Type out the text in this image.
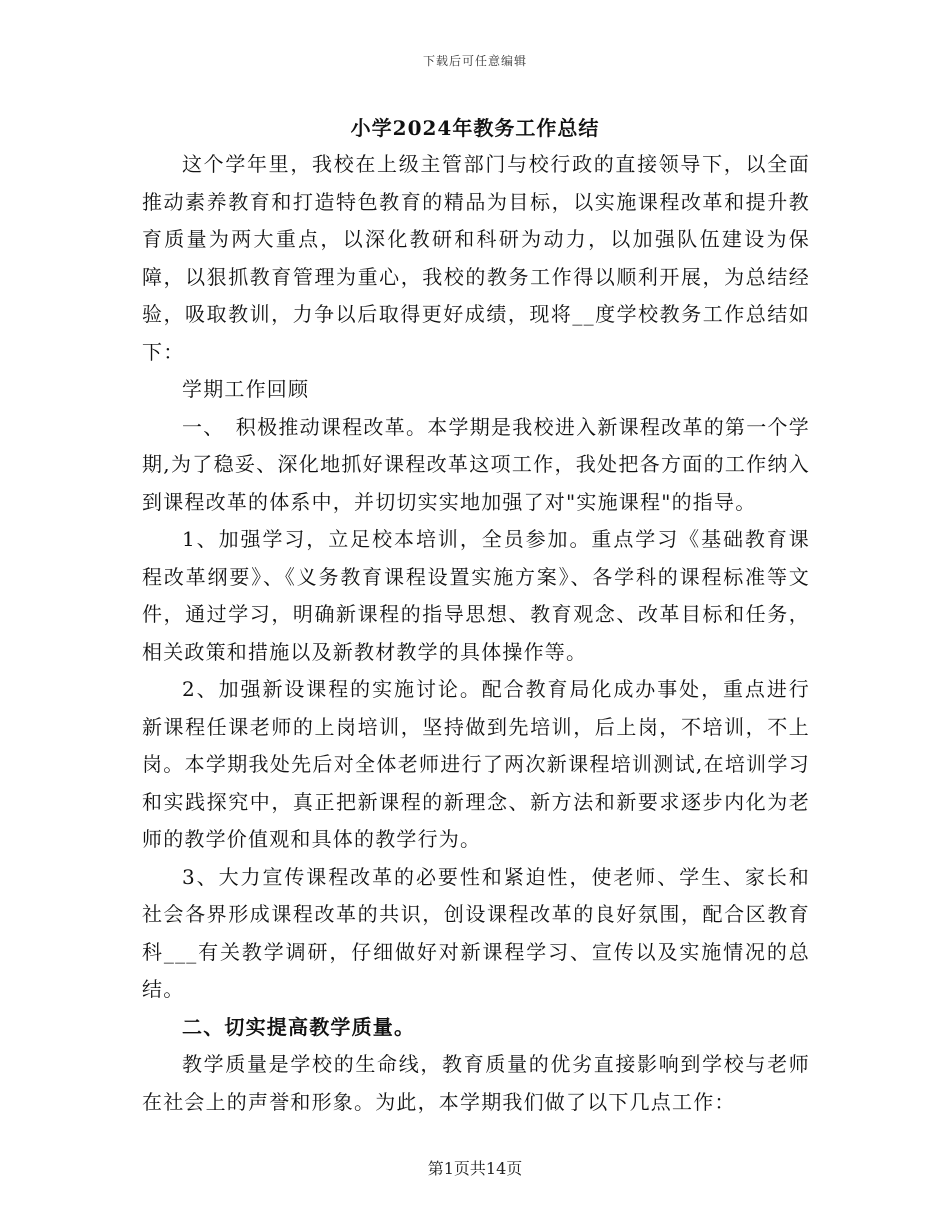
下载后可任意编辑
小学2024年教务工作总结

这个学年里，我校在上级主管部门与校行政的直接领导下，以全面推动素养教育和打造特色教育的精品为目标，以实施课程改革和提升教育质量为两大重点，以深化教研和科研为动力，以加强队伍建设为保障，以狠抓教育管理为重心，我校的教务工作得以顺利开展，为总结经验，吸取教训，力争以后取得更好成绩，现将__度学校教务工作总结如下：

学期工作回顾

一、　积极推动课程改革。本学期是我校进入新课程改革的第一个学期,为了稳妥、深化地抓好课程改革这项工作，我处把各方面的工作纳入到课程改革的体系中，并切切实实地加强了对"实施课程"的指导。

1、加强学习，立足校本培训，全员参加。重点学习《基础教育课程改革纲要》、《义务教育课程设置实施方案》、各学科的课程标准等文件，通过学习，明确新课程的指导思想、教育观念、改革目标和任务，相关政策和措施以及新教材教学的具体操作等。

2、加强新设课程的实施讨论。配合教育局化成办事处，重点进行新课程任课老师的上岗培训，坚持做到先培训，后上岗，不培训，不上岗。本学期我处先后对全体老师进行了两次新课程培训测试,在培训学习和实践探究中，真正把新课程的新理念、新方法和新要求逐步内化为老师的教学价值观和具体的教学行为。

3、大力宣传课程改革的必要性和紧迫性，使老师、学生、家长和社会各界形成课程改革的共识，创设课程改革的良好氛围，配合区教育科___有关教学调研，仔细做好对新课程学习、宣传以及实施情况的总结。

二、切实提高教学质量。

教学质量是学校的生命线，教育质量的优劣直接影响到学校与老师在社会上的声誉和形象。为此，本学期我们做了以下几点工作：

第1页共14页
